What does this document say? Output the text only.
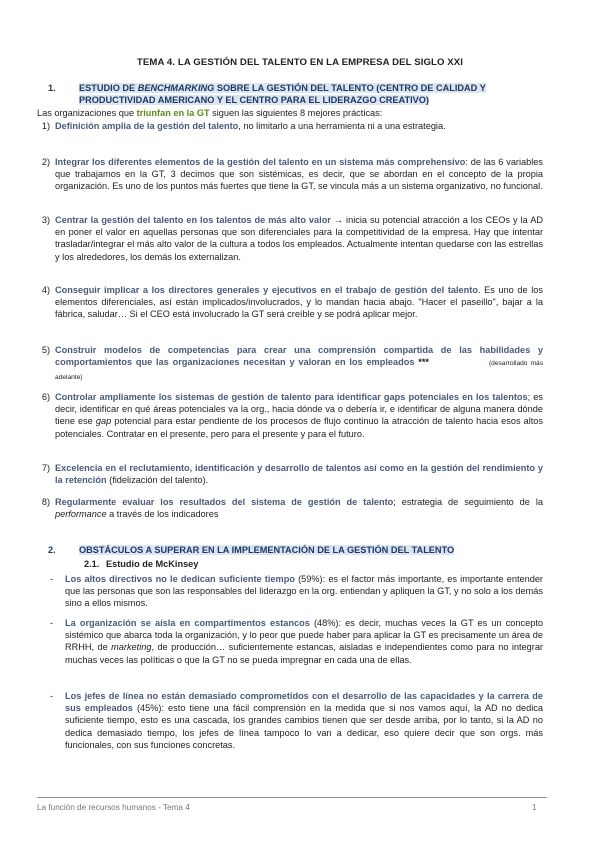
TEMA 4. LA GESTIÓN DEL TALENTO EN LA EMPRESA DEL SIGLO XXI
1.	ESTUDIO DE BENCHMARKING SOBRE LA GESTIÓN DEL TALENTO (CENTRO DE CALIDAD Y PRODUCTIVIDAD AMERICANO Y EL CENTRO PARA EL LIDERAZGO CREATIVO)
Las organizaciones que triunfan en la GT siguen las siguientes 8 mejores prácticas:
1) Definición amplia de la gestión del talento, no limitarlo a una herramienta ni a una estrategia.
2) Integrar los diferentes elementos de la gestión del talento en un sistema más comprehensivo: de las 6 variables que trabajamos en la GT, 3 decimos que son sistémicas, es decir, que se abordan en el concepto de la propia organización. Es uno de los puntos más fuertes que tiene la GT, se vincula más a un sistema organizativo, no funcional.
3) Centrar la gestión del talento en los talentos de más alto valor → inicia su potencial atracción a los CEOs y la AD en poner el valor en aquellas personas que son diferenciales para la competitividad de la empresa. Hay que intentar trasladar/integrar el más alto valor de la cultura a todos los empleados. Actualmente intentan quedarse con las estrellas y los alrededores, los demás los externalizan.
4) Conseguir implicar a los directores generales y ejecutivos en el trabajo de gestión del talento. Es uno de los elementos diferenciales, así están implicados/involucrados, y lo mandan hacia abajo. "Hacer el paseillo", bajar a la fábrica, saludar… Si el CEO está involucrado la GT será creíble y se podrá aplicar mejor.
5) Construir modelos de competencias para crear una comprensión compartida de las habilidades y comportamientos que las organizaciones necesitan y valoran en los empleados ***	(desarrollado más adelante)
6) Controlar ampliamente los sistemas de gestión de talento para identificar gaps potenciales en los talentos; es decir, identificar en qué áreas potenciales va la org., hacia dónde va o debería ir, e identificar de alguna manera dónde tiene ese gap potencial para estar pendiente de los procesos de flujo continuo la atracción de talento hacia esos altos potenciales. Contratar en el presente, pero para el presente y para el futuro.
7) Excelencia en el reclutamiento, identificación y desarrollo de talentos así como en la gestión del rendimiento y la retención (fidelización del talento).
8) Regularmente evaluar los resultados del sistema de gestión de talento; estrategia de seguimiento de la performance a través de los indicadores
2.	OBSTÁCULOS A SUPERAR EN LA IMPLEMENTACIÓN DE LA GESTIÓN DEL TALENTO
2.1. Estudio de McKinsey
- Los altos directivos no le dedican suficiente tiempo (59%): es el factor más importante, es importante entender que las personas que son las responsables del liderazgo en la org. entiendan y apliquen la GT, y no solo a los demás sino a ellos mismos.
- La organización se aísla en compartimentos estancos (48%): es decir, muchas veces la GT es un concepto sistémico que abarca toda la organización, y lo peor que puede haber para aplicar la GT es precisamente un área de RRHH, de marketing, de producción… suficientemente estancas, aisladas e independientes como para no integrar muchas veces las políticas o que la GT no se pueda impregnar en cada una de ellas.
- Los jefes de línea no están demasiado comprometidos con el desarrollo de las capacidades y la carrera de sus empleados (45%): esto tiene una fácil comprensión en la medida que si nos vamos aquí, la AD no dedica suficiente tiempo, esto es una cascada, los grandes cambios tienen que ser desde arriba, por lo tanto, si la AD no dedica demasiado tiempo, los jefes de línea tampoco lo van a dedicar, eso quiere decir que son orgs. más funcionales, con sus funciones concretas.
La función de recursos humanos - Tema 4	1
